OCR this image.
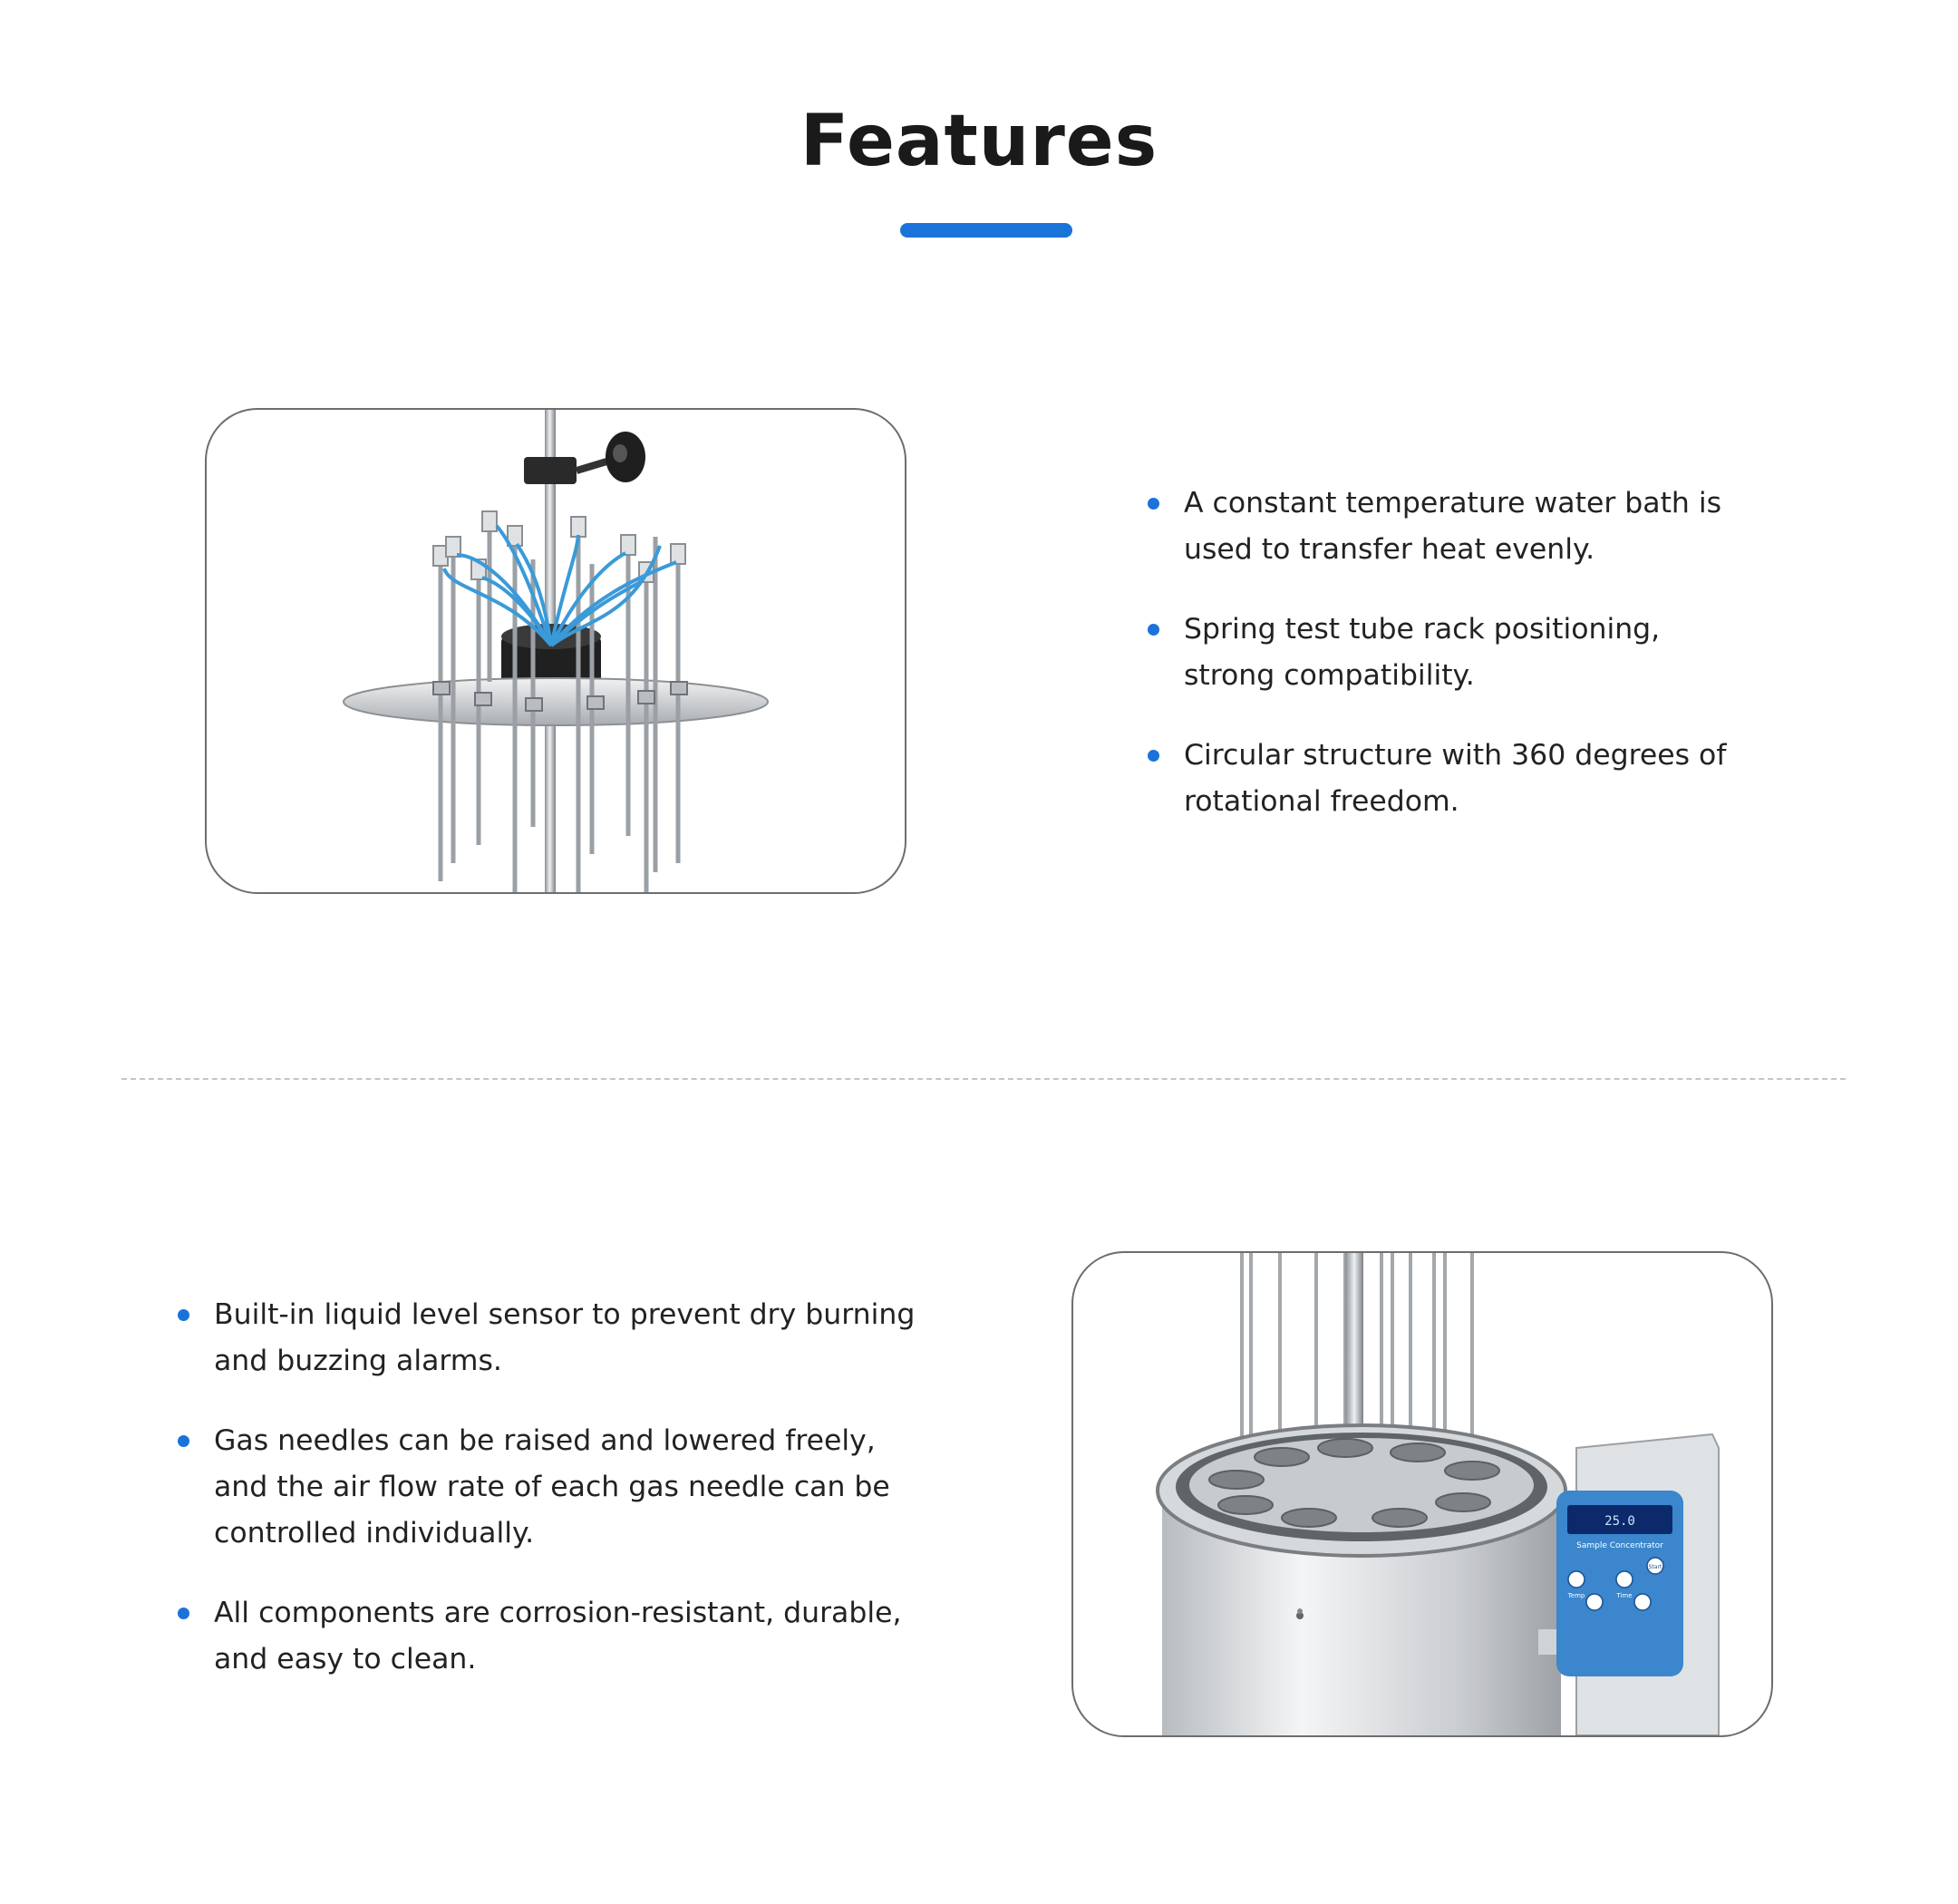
Features
A constant temperature water bath is used to transfer heat evenly.
Spring test tube rack positioning, strong compatibility.
Circular structure with 360 degrees of rotational freedom.
Built-in liquid level sensor to prevent dry burning and buzzing alarms.
Gas needles can be raised and lowered freely, and the air flow rate of each gas needle can be controlled individually.
All components are corrosion-resistant, durable, and easy to clean.
25.0
Sample Concentrator
Temp	Time
Start
